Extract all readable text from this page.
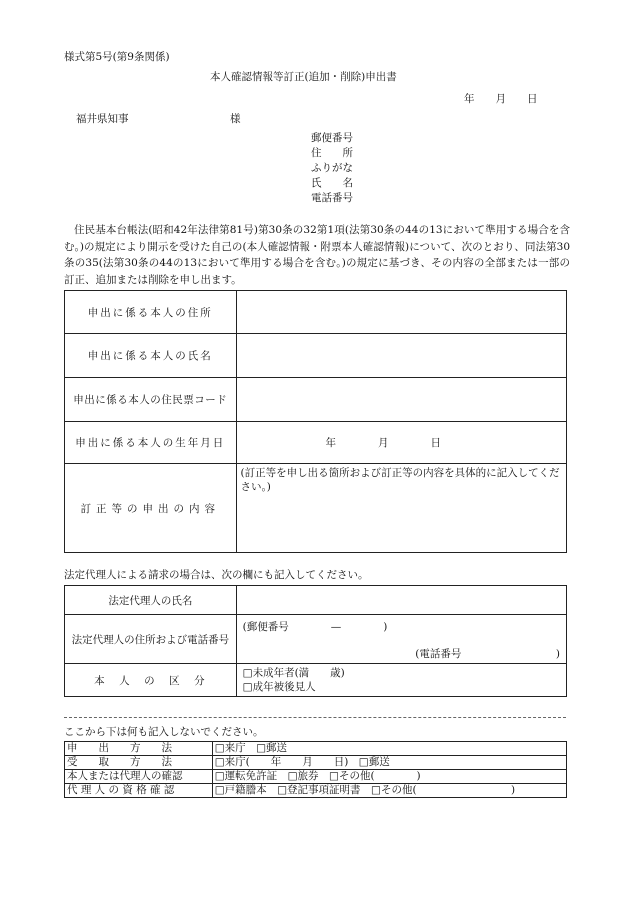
様式第5号(第9条関係)
本人確認情報等訂正(追加・削除)申出書
年　　月　　日
福井県知事	様
郵便番号
住　　所
ふりがな
氏　　名
電話番号
住民基本台帳法(昭和42年法律第81号)第30条の32第1項(法第30条の44の13において準用する場合を含む。)の規定により開示を受けた自己の(本人確認情報・附票本人確認情報)について、次のとおり、同法第30条の35(法第30条の44の13において準用する場合を含む。)の規定に基づき、その内容の全部または一部の訂正、追加または削除を申し出ます。
申出に係る本人の住所	
申出に係る本人の氏名	
申出に係る本人の住民票コード	
申出に係る本人の生年月日	年　　　　月　　　　日
訂正等の申出の内容	(訂正等を申し出る箇所および訂正等の内容を具体的に記入してください。)
法定代理人による請求の場合は、次の欄にも記入してください。
法定代理人の氏名	
法定代理人の住所および電話番号	(郵便番号　　　　—　　　　)
(電話番号　　　　　　　　　)

本　人　の　区　分	□未成年者(満　　歳)
□成年被後見人
ここから下は何も記入しないでください。
申　　出　　方　　法	□来庁　□郵送
受　　取　　方　　法	□来庁(　　年　　月　　日)　□郵送
本人または代理人の確認	□運転免許証　□旅券　□その他(　　　　)
代 理 人 の 資 格 確 認	□戸籍謄本　□登記事項証明書　□その他(　　　　　　　　　)
